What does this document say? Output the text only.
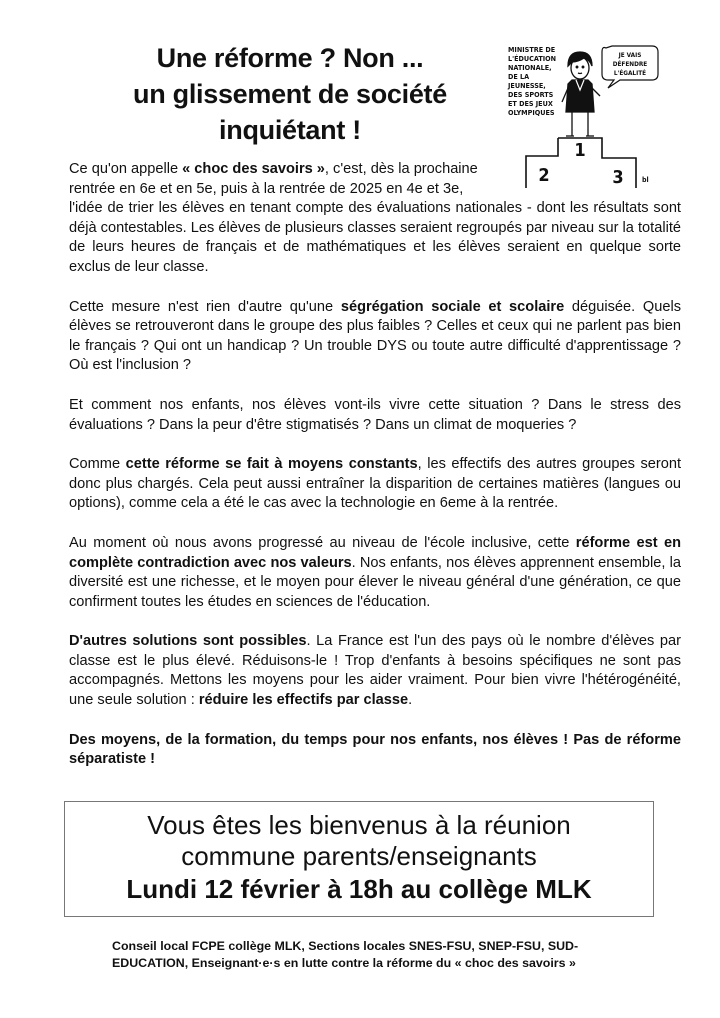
Une réforme ? Non ...
un glissement de société
inquiétant !
MINISTRE DE
L'ÉDUCATION
NATIONALE,
DE LA
JEUNESSE,
DES SPORTS
ET DES JEUX
OLYMPIQUES
JE VAIS
DÉFENDRE
L'ÉGALITÉ
1
2	3	bl

Ce qu'on appelle « choc des savoirs », c'est, dès la prochaine
rentrée en 6e et en 5e, puis à la rentrée de 2025 en 4e et 3e,
l'idée de trier les élèves en tenant compte des évaluations nationales - dont les résultats sont déjà contestables. Les élèves de plusieurs classes seraient regroupés par niveau sur la totalité de leurs heures de français et de mathématiques et les élèves seraient en quelque sorte exclus de leur classe.

Cette mesure n'est rien d'autre qu'une ségrégation sociale et scolaire déguisée. Quels élèves se retrouveront dans le groupe des plus faibles ? Celles et ceux qui ne parlent pas bien le français ? Qui ont un handicap ? Un trouble DYS ou toute autre difficulté d'apprentissage ? Où est l'inclusion ?

Et comment nos enfants, nos élèves vont-ils vivre cette situation ? Dans le stress des évaluations ? Dans la peur d'être stigmatisés ? Dans un climat de moqueries ?

Comme cette réforme se fait à moyens constants, les effectifs des autres groupes seront donc plus chargés. Cela peut aussi entraîner la disparition de certaines matières (langues ou options), comme cela a été le cas avec la technologie en 6eme à la rentrée.

Au moment où nous avons progressé au niveau de l'école inclusive, cette réforme est en complète contradiction avec nos valeurs. Nos enfants, nos élèves apprennent ensemble, la diversité est une richesse, et le moyen pour élever le niveau général d'une génération, ce que confirment toutes les études en sciences de l'éducation.

D'autres solutions sont possibles. La France est l'un des pays où le nombre d'élèves par classe est le plus élevé. Réduisons-le ! Trop d'enfants à besoins spécifiques ne sont pas accompagnés. Mettons les moyens pour les aider vraiment. Pour bien vivre l'hétérogénéité, une seule solution : réduire les effectifs par classe.

Des moyens, de la formation, du temps pour nos enfants, nos élèves ! Pas de réforme séparatiste !

Vous êtes les bienvenus à la réunion
commune parents/enseignants
Lundi 12 février à 18h au collège MLK
Conseil local FCPE collège MLK, Sections locales SNES-FSU, SNEP-FSU, SUD-EDUCATION, Enseignant·e·s en lutte contre la réforme du « choc des savoirs »
